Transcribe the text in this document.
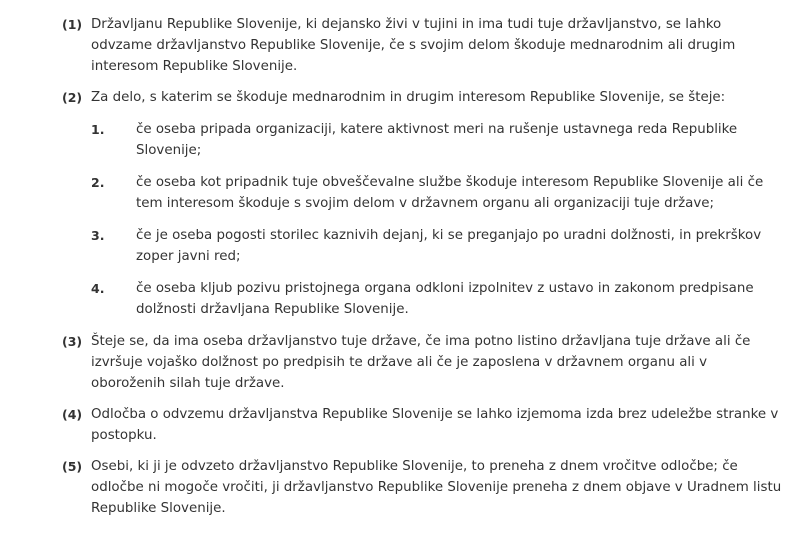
(1) Državljanu Republike Slovenije, ki dejansko živi v tujini in ima tudi tuje državljanstvo, se lahko odvzame državljanstvo Republike Slovenije, če s svojim delom škoduje mednarodnim ali drugim interesom Republike Slovenije.
(2) Za delo, s katerim se škoduje mednarodnim in drugim interesom Republike Slovenije, se šteje:
1.	če oseba pripada organizaciji, katere aktivnost meri na rušenje ustavnega reda Republike Slovenije;
2.	če oseba kot pripadnik tuje obveščevalne službe škoduje interesom Republike Slovenije ali če tem interesom škoduje s svojim delom v državnem organu ali organizaciji tuje države;
3.	če je oseba pogosti storilec kaznivih dejanj, ki se preganjajo po uradni dolžnosti, in prekrškov zoper javni red;
4.	če oseba kljub pozivu pristojnega organa odkloni izpolnitev z ustavo in zakonom predpisane dolžnosti državljana Republike Slovenije.
(3) Šteje se, da ima oseba državljanstvo tuje države, če ima potno listino državljana tuje države ali če izvršuje vojaško dolžnost po predpisih te države ali če je zaposlena v državnem organu ali v oboroženih silah tuje države.
(4) Odločba o odvzemu državljanstva Republike Slovenije se lahko izjemoma izda brez udeležbe stranke v postopku.
(5) Osebi, ki ji je odvzeto državljanstvo Republike Slovenije, to preneha z dnem vročitve odločbe; če odločbe ni mogoče vročiti, ji državljanstvo Republike Slovenije preneha z dnem objave v Uradnem listu Republike Slovenije.
